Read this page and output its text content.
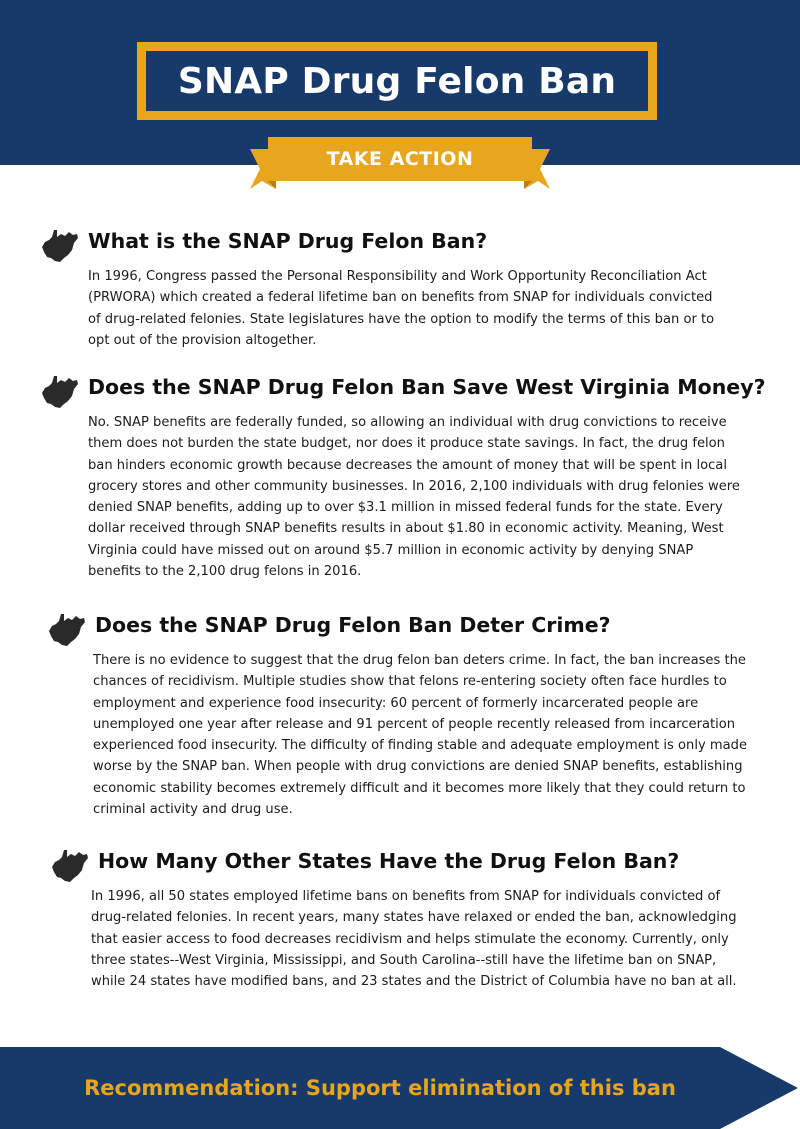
SNAP Drug Felon Ban
TAKE ACTION
What is the SNAP Drug Felon Ban?

In 1996, Congress passed the Personal Responsibility and Work Opportunity Reconciliation Act (PRWORA) which created a federal lifetime ban on benefits from SNAP for individuals convicted of drug-related felonies. State legislatures have the option to modify the terms of this ban or to opt out of the provision altogether.

Does the SNAP Drug Felon Ban Save West Virginia Money?

No. SNAP benefits are federally funded, so allowing an individual with drug convictions to receive them does not burden the state budget, nor does it produce state savings. In fact, the drug felon ban hinders economic growth because decreases the amount of money that will be spent in local grocery stores and other community businesses. In 2016, 2,100 individuals with drug felonies were denied SNAP benefits, adding up to over $3.1 million in missed federal funds for the state. Every dollar received through SNAP benefits results in about $1.80 in economic activity. Meaning, West Virginia could have missed out on around $5.7 million in economic activity by denying SNAP benefits to the 2,100 drug felons in 2016.

Does the SNAP Drug Felon Ban Deter Crime?

There is no evidence to suggest that the drug felon ban deters crime. In fact, the ban increases the chances of recidivism. Multiple studies show that felons re-entering society often face hurdles to employment and experience food insecurity: 60 percent of formerly incarcerated people are unemployed one year after release and 91 percent of people recently released from incarceration experienced food insecurity. The difficulty of finding stable and adequate employment is only made worse by the SNAP ban. When people with drug convictions are denied SNAP benefits, establishing economic stability becomes extremely difficult and it becomes more likely that they could return to criminal activity and drug use.

How Many Other States Have the Drug Felon Ban?

In 1996, all 50 states employed lifetime bans on benefits from SNAP for individuals convicted of drug-related felonies. In recent years, many states have relaxed or ended the ban, acknowledging that easier access to food decreases recidivism and helps stimulate the economy. Currently, only three states--West Virginia, Mississippi, and South Carolina--still have the lifetime ban on SNAP, while 24 states have modified bans, and 23 states and the District of Columbia have no ban at all.

Recommendation: Support elimination of this ban
